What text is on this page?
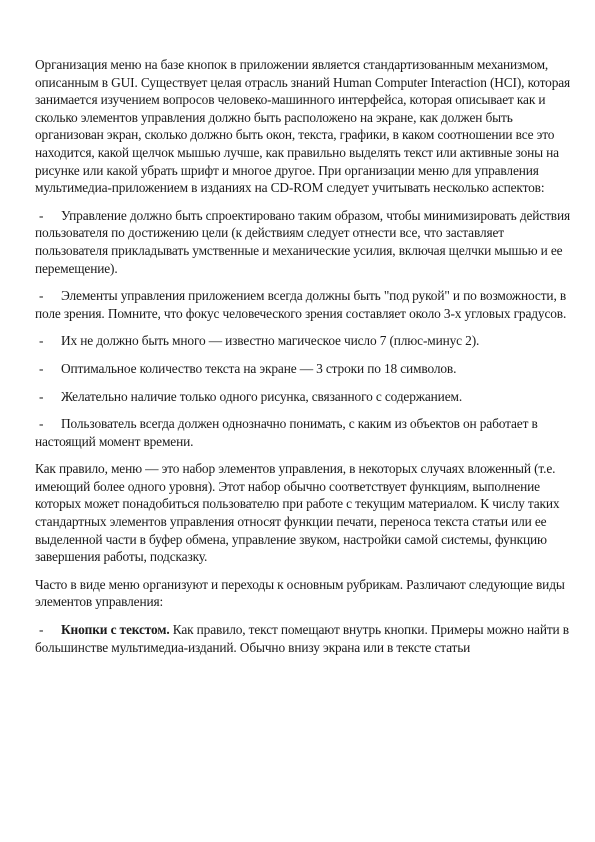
Организация меню на базе кнопок в приложении является стандартизованным механизмом, описанным в GUI. Существует целая отрасль знаний Human Computer Interaction (HCI), которая занимается изучением вопросов человеко-машинного интерфейса, которая описывает как и сколько элементов управления должно быть расположено на экране, как должен быть организован экран, сколько должно быть окон, текста, графики, в каком соотношении все это находится, какой щелчок мышью лучше, как правильно выделять текст или активные зоны на рисунке или какой убрать шрифт и многое другое. При организации меню для управления мультимедиа-приложением в изданиях на CD-ROM следует учитывать несколько аспектов:

- Управление должно быть спроектировано таким образом, чтобы минимизировать действия пользователя по достижению цели (к действиям следует отнести все, что заставляет пользователя прикладывать умственные и механические усилия, включая щелчки мышью и ее перемещение).

- Элементы управления приложением всегда должны быть "под рукой" и по возможности, в поле зрения. Помните, что фокус человеческого зрения составляет около 3-х угловых градусов.

- Их не должно быть много — известно магическое число 7 (плюс-минус 2).

- Оптимальное количество текста на экране — 3 строки по 18 символов.

- Желательно наличие только одного рисунка, связанного с содержанием.

- Пользователь всегда должен однозначно понимать, с каким из объектов он работает в настоящий момент времени.

Как правило, меню — это набор элементов управления, в некоторых случаях вложенный (т.е. имеющий более одного уровня). Этот набор обычно соответствует функциям, выполнение которых может понадобиться пользователю при работе с текущим материалом. К числу таких стандартных элементов управления относят функции печати, переноса текста статьи или ее выделенной части в буфер обмена, управление звуком, настройки самой системы, функцию завершения работы, подсказку.

Часто в виде меню организуют и переходы к основным рубрикам. Различают следующие виды элементов управления:

- Кнопки с текстом. Как правило, текст помещают внутрь кнопки. Примеры можно найти в большинстве мультимедиа-изданий. Обычно внизу экрана или в тексте статьи
